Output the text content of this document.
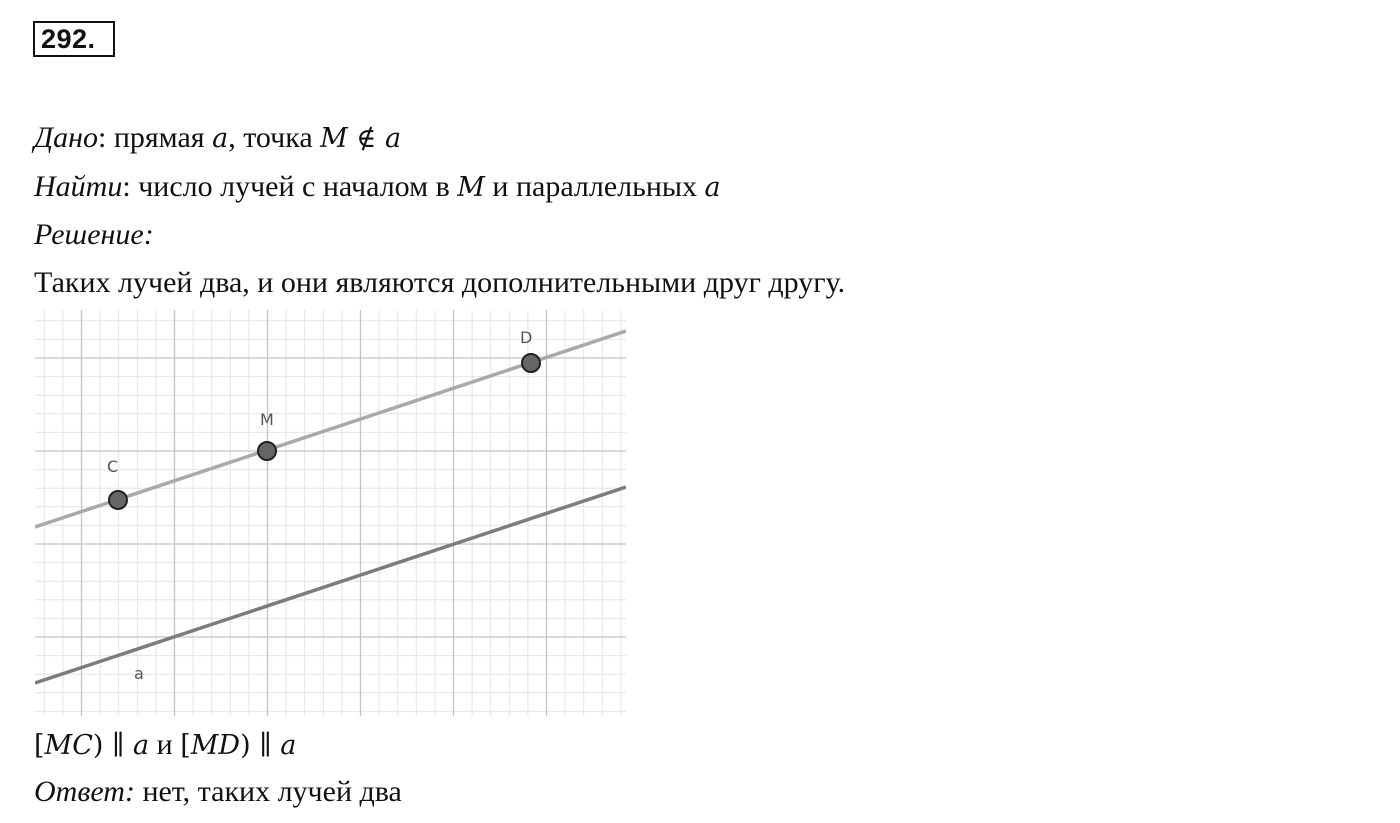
292.
Дано: прямая a, точка M ∉ a
Найти: число лучей с началом в M и параллельных a
Решение:
Таких лучей два, и они являются дополнительными друг другу.
C
M
D
a
[MC) ∥ a и [MD) ∥ a
Ответ: нет, таких лучей два
